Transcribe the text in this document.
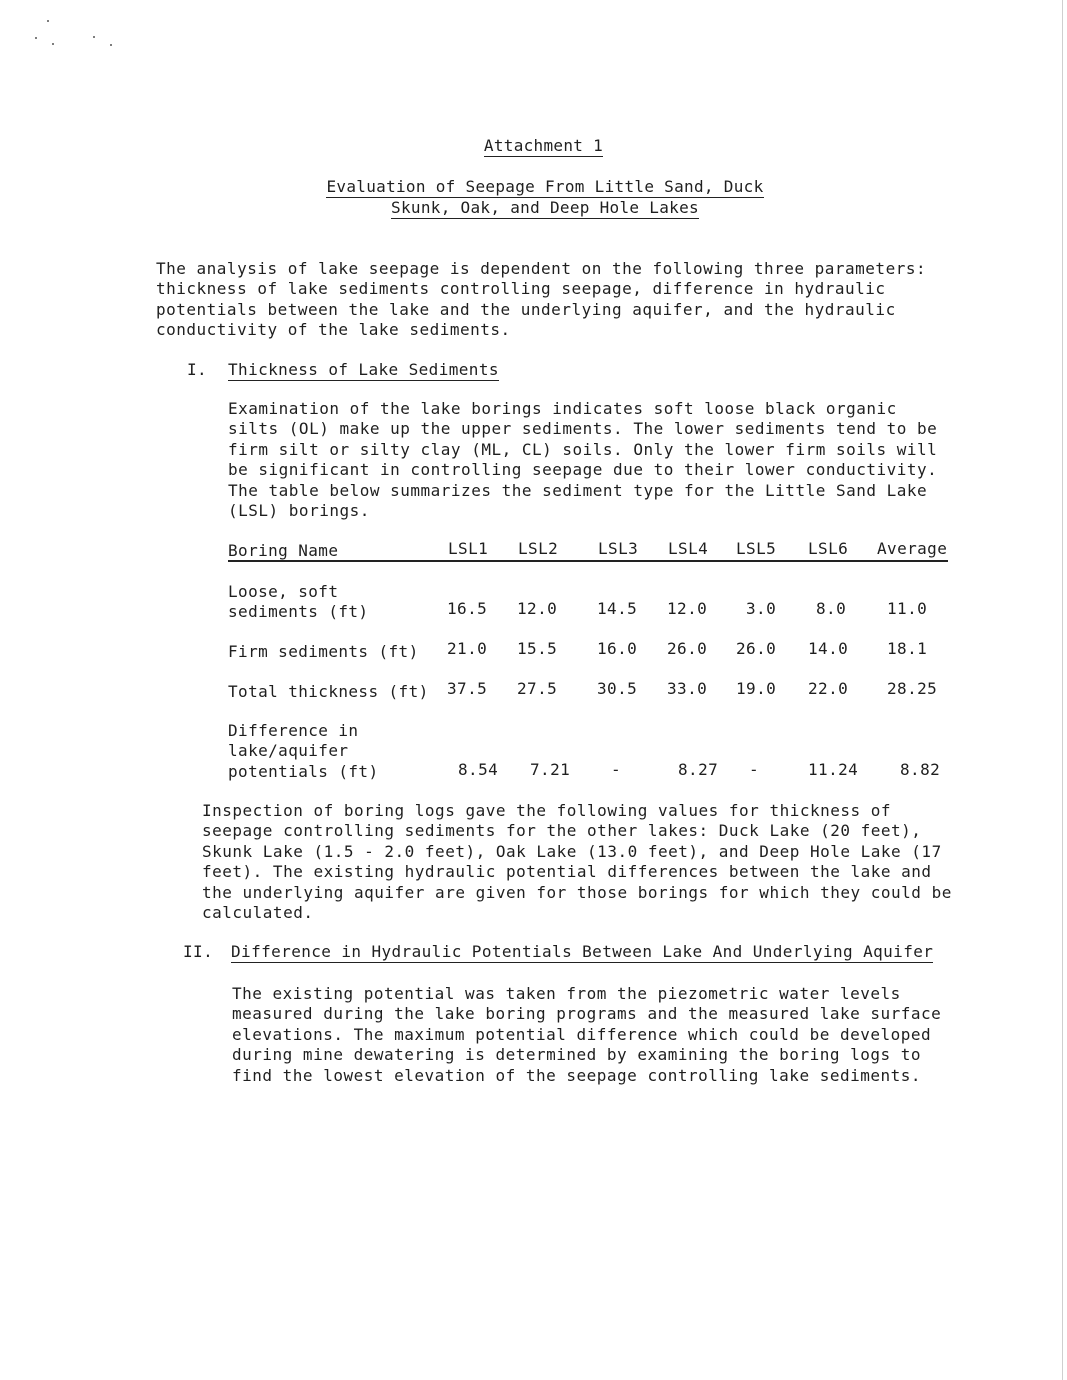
Attachment 1
Evaluation of Seepage From Little Sand, Duck
Skunk, Oak, and Deep Hole Lakes
The analysis of lake seepage is dependent on the following three parameters:
thickness of lake sediments controlling seepage, difference in hydraulic
potentials between the lake and the underlying aquifer, and the hydraulic
conductivity of the lake sediments.
I. Thickness of Lake Sediments
Examination of the lake borings indicates soft loose black organic
silts (OL) make up the upper sediments. The lower sediments tend to be
firm silt or silty clay (ML, CL) soils. Only the lower firm soils will
be significant in controlling seepage due to their lower conductivity.
The table below summarizes the sediment type for the Little Sand Lake
(LSL) borings.
Boring Name	LSL1 LSL2 LSL3 LSL4 LSL5 LSL6 Average
Loose, soft
sediments (ft)	16.5 12.0 14.5 12.0 3.0 8.0	11.0
Firm sediments (ft) 21.0 15.5 16.0 26.0 26.0 14.0 18.1
Total thickness (ft) 37.5 27.5 30.5 33.0 19.0 22.0 28.25
Difference in
lake/aquifer
potentials (ft)	8.54 7.21	-	8.27 -	11.24	8.82
Inspection of boring logs gave the following values for thickness of
seepage controlling sediments for the other lakes: Duck Lake (20 feet),
Skunk Lake (1.5 - 2.0 feet), Oak Lake (13.0 feet), and Deep Hole Lake (17
feet). The existing hydraulic potential differences between the lake and
the underlying aquifer are given for those borings for which they could be
calculated.
II. Difference in Hydraulic Potentials Between Lake And Underlying Aquifer
The existing potential was taken from the piezometric water levels
measured during the lake boring programs and the measured lake surface
elevations. The maximum potential difference which could be developed
during mine dewatering is determined by examining the boring logs to
find the lowest elevation of the seepage controlling lake sediments.
